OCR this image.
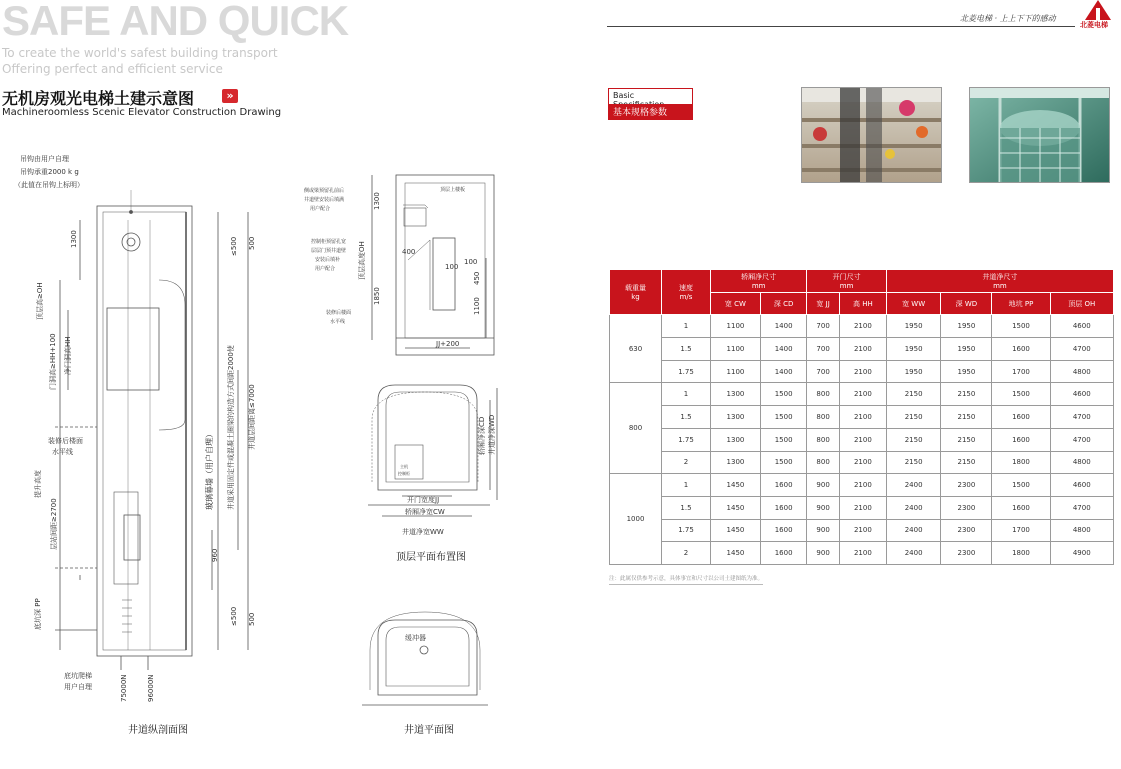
SAFE AND QUICK
To create the world's safest building transport
Offering perfect and efficient service
无机房观光电梯土建示意图	»
Machineroomless Scenic Elevator Construction Drawing
吊钩由用户自理
吊钩承重2000 k g
（此值在吊钩上标明）
1300	≤500 500
顶层高≥OH
门洞高≥HH+100 净门洞高HH
装修后楼面
水平线
提升高度
层站间距≥2700
底坑深 PP
井道采用固定件或混凝土圈梁的构造方式间距2000使
玻璃幕墙（用户自理）
井道层间距离≤7000
960
≤500 500
底坑爬梯
用户自理	75000N	96000N
井道纵剖面图
侧或梁预留孔前后
井道壁安装后填满
用户配合
控制柜预留孔宽
层层门预井道壁
安装后填补
用户配合
装修后楼面
水平线
顶层上楼板
顶层高度OH
1300
400
100
100
450
1850
1100
JJ+200
开门宽度JJ
轿厢净宽CW
井道净宽WW
轿厢净深CD 井道净深WD
主机
控制柜
顶层平面布置图
缓冲器
井道平面图
北菱电梯 · 上上下下的感动
北菱电梯
Basic
基本规格参数
载重量
kg	速度
m/s	轿厢净尺寸
mm		开门尺寸
mm		井道净尺寸
mm			
		宽 CW	深 CD	宽 JJ	高 HH	宽 WW	深 WD	地坑 PP	顶层 OH
630	1	1100	1400	700	2100	1950	1950	1500	4600
	1.5	1100	1400	700	2100	1950	1950	1600	4700
	1.75	1100	1400	700	2100	1950	1950	1700	4800
800	1	1300	1500	800	2100	2150	2150	1500	4600
	1.5	1300	1500	800	2100	2150	2150	1600	4700
	1.75	1300	1500	800	2100	2150	2150	1600	4700
	2	1300	1500	800	2100	2150	2150	1800	4800
1000	1	1450	1600	900	2100	2400	2300	1500	4600
	1.5	1450	1600	900	2100	2400	2300	1600	4700
	1.75	1450	1600	900	2100	2400	2300	1700	4800
	2	1450	1600	900	2100	2400	2300	1800	4900
注：此属仅供参考示意，具体事宜和尺寸以公司土建图纸为准。
